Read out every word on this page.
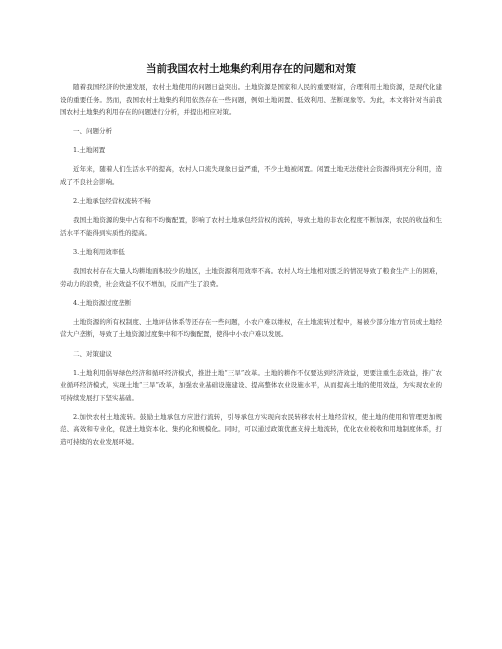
当前我国农村土地集约利用存在的问题和对策

随着我国经济的快速发展，农村土地使用的问题日益突出。土地资源是国家和人民的重要财富，合理利用土地资源，是现代化建设的重要任务。然而，我国农村土地集约利用依然存在一些问题，例如土地闲置、低效利用、垄断现象等。为此，本文将针对当前我国农村土地集约利用存在的问题进行分析，并提出相应对策。

一、问题分析

1.土地闲置

近年来，随着人们生活水平的提高，农村人口流失现象日益严重，不少土地被闲置。闲置土地无法使社会资源得到充分利用，造成了不良社会影响。

2.土地承包经营权流转不畅

我国土地资源的集中占有和不均衡配置，影响了农村土地承包经营权的流转，导致土地的非农化程度不断加深，农民的收益和生活水平不能得到实质性的提高。

3.土地利用效率低

我国农村存在大量人均耕地面积较少的地区，土地资源利用效率不高。农村人均土地相对匮乏的情况导致了粮食生产上的困难，劳动力的浪费，社会效益不仅不增加，反而产生了浪费。

4.土地资源过度垄断

土地资源的所有权制度、土地评估体系等还存在一些问题，小农户难以维权，在土地流转过程中，易被少部分地方官员或土地经营大户垄断，导致了土地资源过度集中和不均衡配置，使得中小农户难以发展。

二、对策建议

1.土地利用倡导绿色经济和循环经济模式，推进土地“三旱”改革。土地的耕作不仅要达到经济效益，更要注重生态效益，推广农业循环经济模式，实现土地“三旱”改革，加强农业基础设施建设、提高整体农业设施水平，从而提高土地的使用效益，为实现农业的可持续发展打下坚实基础。

2.加快农村土地流转。鼓励土地承包方应进行流转，引导承包方实现向农民转移农村土地经营权，使土地的使用和管理更加规范、高效和专业化，促进土地资本化、集约化和规模化。同时，可以通过政策优惠支持土地流转，优化农业税收和用地制度体系，打造可持续的农业发展环境。
